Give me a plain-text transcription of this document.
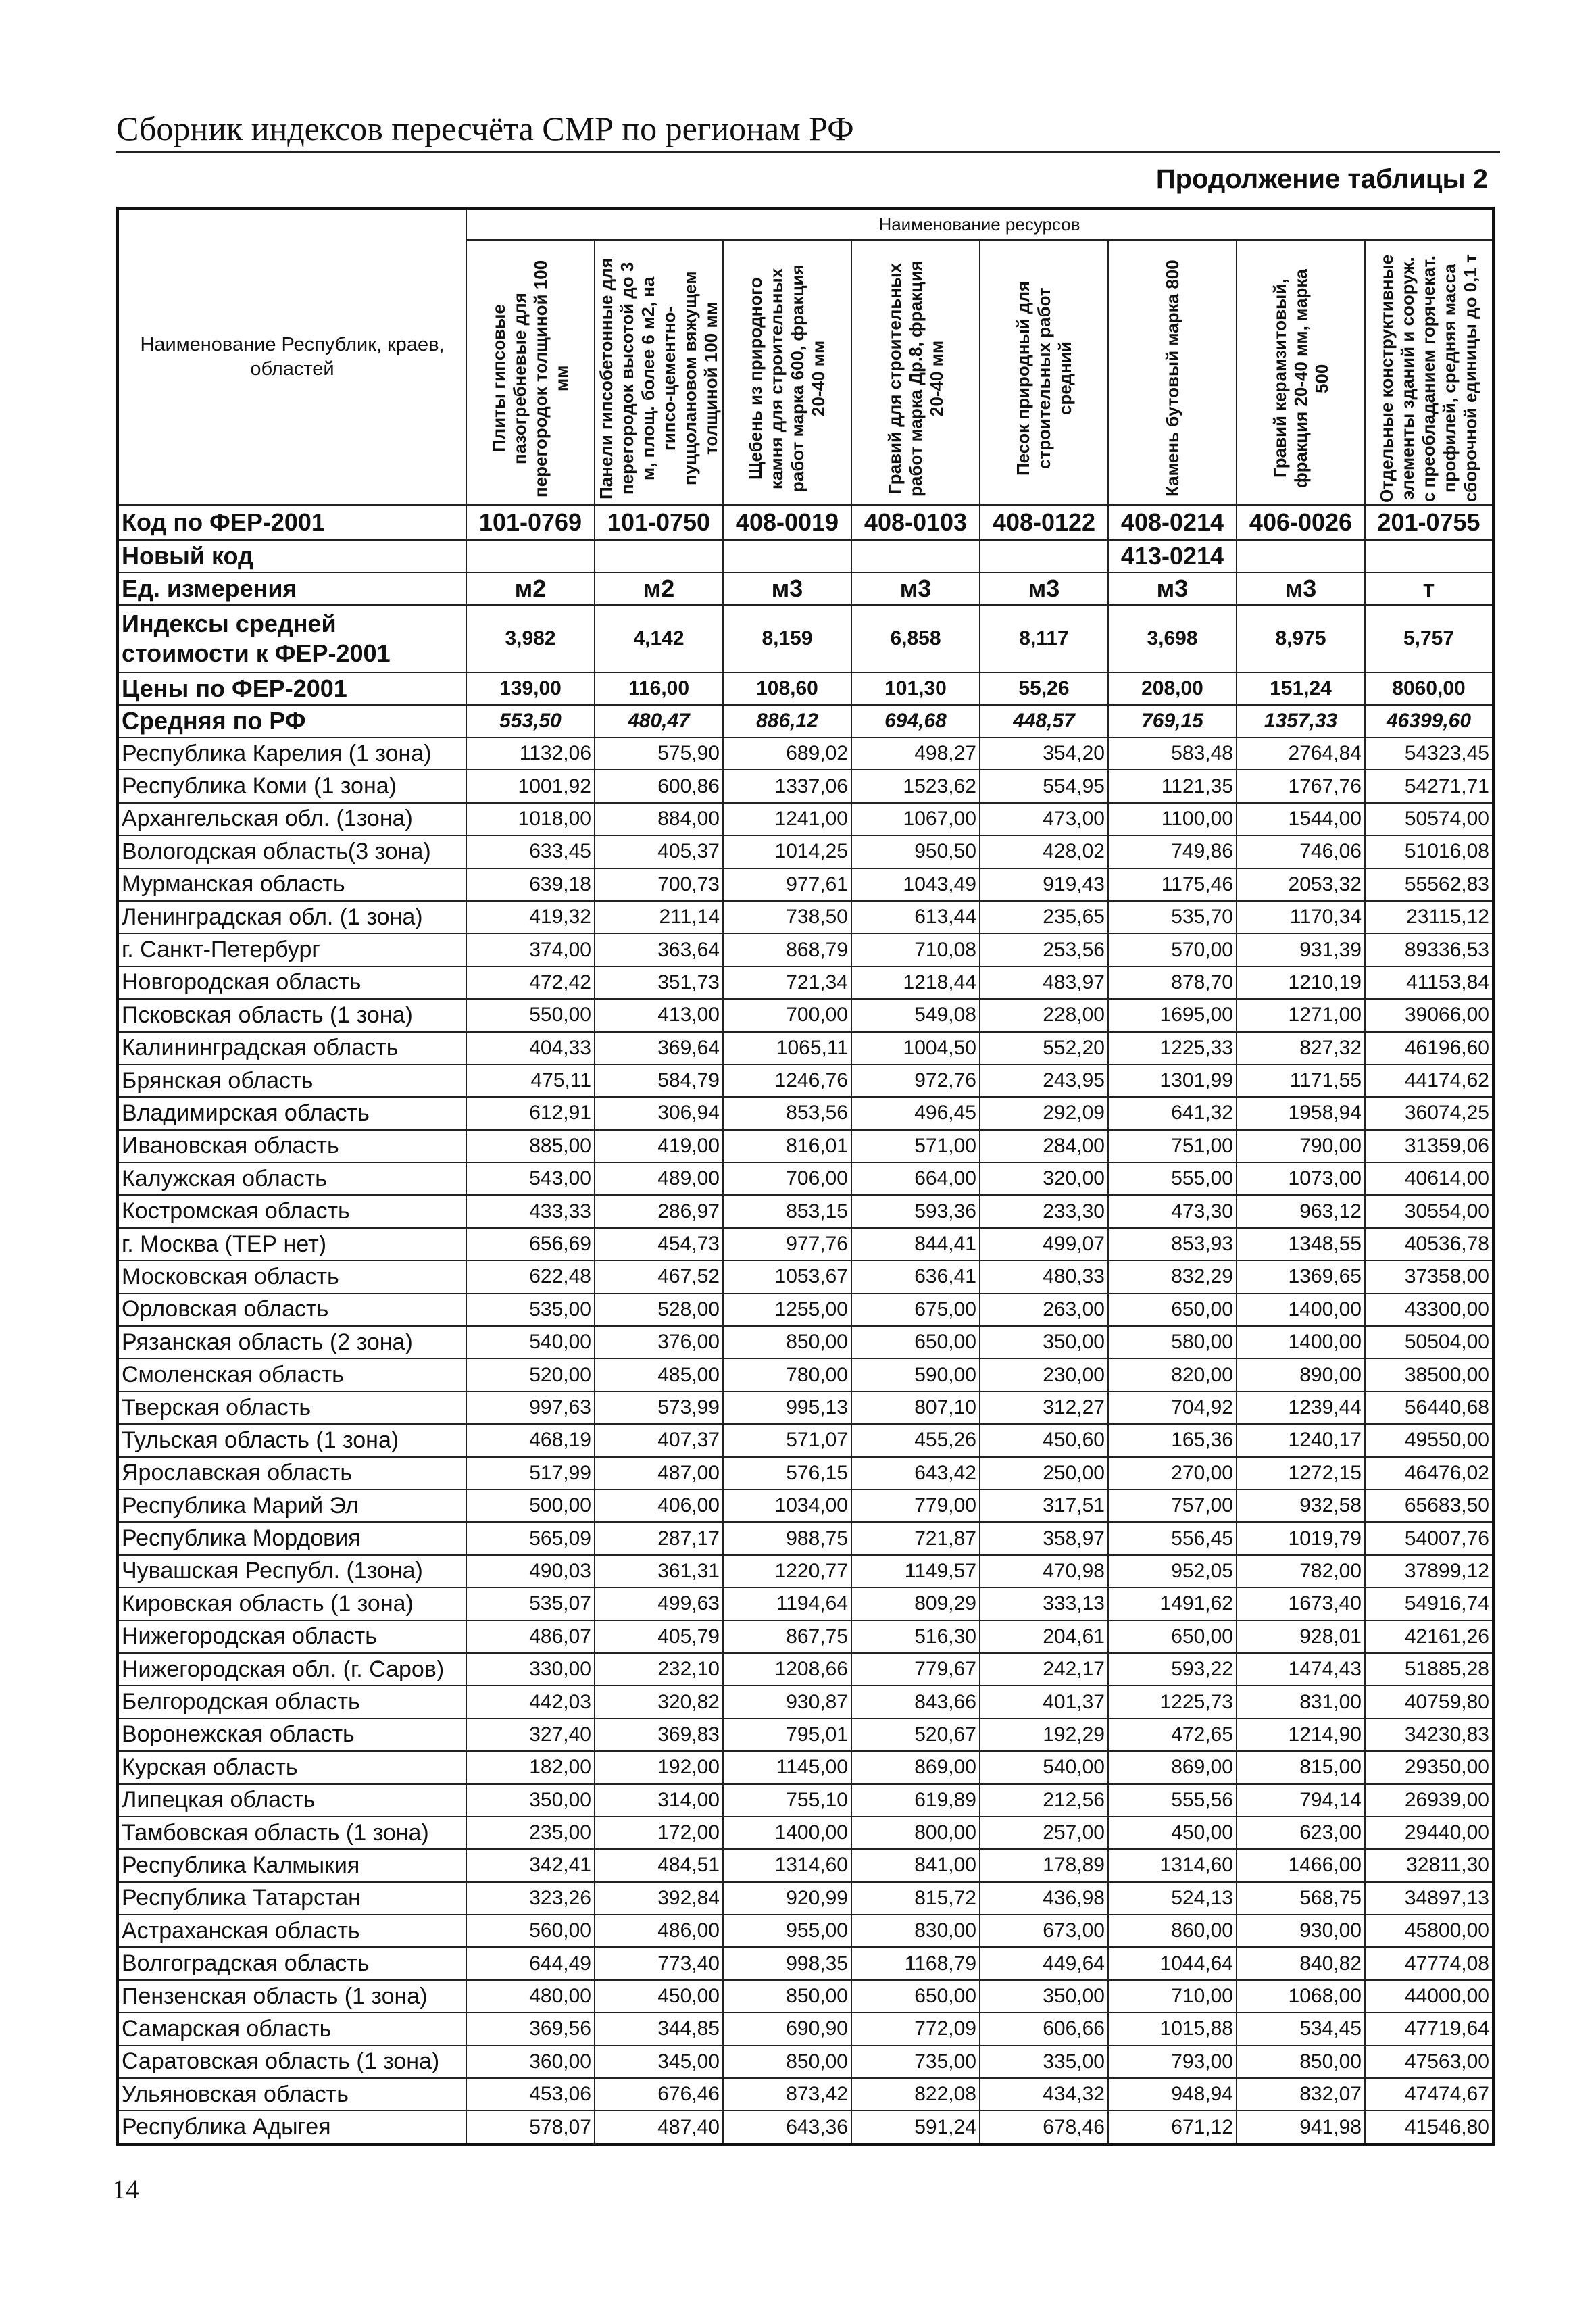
Сборник индексов пересчёта СМР по регионам РФ
Продолжение таблицы 2
Наименование Республик, краев, областей	Наименование ресурсов							

	Плиты гипсовые пазогребневые для перегородок толщиной 100 мм	Панели гипсобетонные для перегородок высотой до 3 м, площ. более 6 м2, на гипсо-цементно-пуццолановом вяжущем толщиной 100 мм	Щебень из природного камня для строительных работ марка 600, фракция 20-40 мм	Гравий для строительных работ марка Др.8, фракция 20-40 мм	Песок природный для строительных работ средний	Камень бутовый марка 800	Гравий керамзитовый, фракция 20-40 мм, марка 500	Отдельные конструктивные элементы зданий и сооруж. с преобладанием горячекат. профилей, средняя масса сборочной единицы до 0,1 т

Код по ФЕР-2001	101-0769	101-0750	408-0019	408-0103	408-0122	408-0214	406-0026	201-0755
Новый код						413-0214		
Ед. измерения	м2	м2	м3	м3	м3	м3	м3	т
Индексы средней стоимости к ФЕР-2001	3,982	4,142	8,159	6,858	8,117	3,698	8,975	5,757
Цены по ФЕР-2001	139,00	116,00	108,60	101,30	55,26	208,00	151,24	8060,00
Средняя по РФ	553,50	480,47	886,12	694,68	448,57	769,15	1357,33	46399,60
Республика Карелия (1 зона)	1132,06	575,90	689,02	498,27	354,20	583,48	2764,84	54323,45
Республика Коми (1 зона)	1001,92	600,86	1337,06	1523,62	554,95	1121,35	1767,76	54271,71
Архангельская обл. (1зона)	1018,00	884,00	1241,00	1067,00	473,00	1100,00	1544,00	50574,00
Вологодская область(3 зона)	633,45	405,37	1014,25	950,50	428,02	749,86	746,06	51016,08
Мурманская область	639,18	700,73	977,61	1043,49	919,43	1175,46	2053,32	55562,83
Ленинградская обл. (1 зона)	419,32	211,14	738,50	613,44	235,65	535,70	1170,34	23115,12
г. Санкт-Петербург	374,00	363,64	868,79	710,08	253,56	570,00	931,39	89336,53
Новгородская область	472,42	351,73	721,34	1218,44	483,97	878,70	1210,19	41153,84
Псковская область (1 зона)	550,00	413,00	700,00	549,08	228,00	1695,00	1271,00	39066,00
Калининградская область	404,33	369,64	1065,11	1004,50	552,20	1225,33	827,32	46196,60
Брянская область	475,11	584,79	1246,76	972,76	243,95	1301,99	1171,55	44174,62
Владимирская область	612,91	306,94	853,56	496,45	292,09	641,32	1958,94	36074,25
Ивановская область	885,00	419,00	816,01	571,00	284,00	751,00	790,00	31359,06
Калужская область	543,00	489,00	706,00	664,00	320,00	555,00	1073,00	40614,00
Костромская область	433,33	286,97	853,15	593,36	233,30	473,30	963,12	30554,00
г. Москва (ТЕР нет)	656,69	454,73	977,76	844,41	499,07	853,93	1348,55	40536,78
Московская область	622,48	467,52	1053,67	636,41	480,33	832,29	1369,65	37358,00
Орловская область	535,00	528,00	1255,00	675,00	263,00	650,00	1400,00	43300,00
Рязанская область (2 зона)	540,00	376,00	850,00	650,00	350,00	580,00	1400,00	50504,00
Смоленская область	520,00	485,00	780,00	590,00	230,00	820,00	890,00	38500,00
Тверская область	997,63	573,99	995,13	807,10	312,27	704,92	1239,44	56440,68
Тульская область (1 зона)	468,19	407,37	571,07	455,26	450,60	165,36	1240,17	49550,00
Ярославская область	517,99	487,00	576,15	643,42	250,00	270,00	1272,15	46476,02
Республика Марий Эл	500,00	406,00	1034,00	779,00	317,51	757,00	932,58	65683,50
Республика Мордовия	565,09	287,17	988,75	721,87	358,97	556,45	1019,79	54007,76
Чувашская Республ. (1зона)	490,03	361,31	1220,77	1149,57	470,98	952,05	782,00	37899,12
Кировская область (1 зона)	535,07	499,63	1194,64	809,29	333,13	1491,62	1673,40	54916,74
Нижегородская область	486,07	405,79	867,75	516,30	204,61	650,00	928,01	42161,26
Нижегородская обл. (г. Саров)	330,00	232,10	1208,66	779,67	242,17	593,22	1474,43	51885,28
Белгородская область	442,03	320,82	930,87	843,66	401,37	1225,73	831,00	40759,80
Воронежская область	327,40	369,83	795,01	520,67	192,29	472,65	1214,90	34230,83
Курская область	182,00	192,00	1145,00	869,00	540,00	869,00	815,00	29350,00
Липецкая область	350,00	314,00	755,10	619,89	212,56	555,56	794,14	26939,00
Тамбовская область (1 зона)	235,00	172,00	1400,00	800,00	257,00	450,00	623,00	29440,00
Республика Калмыкия	342,41	484,51	1314,60	841,00	178,89	1314,60	1466,00	32811,30
Республика Татарстан	323,26	392,84	920,99	815,72	436,98	524,13	568,75	34897,13
Астраханская область	560,00	486,00	955,00	830,00	673,00	860,00	930,00	45800,00
Волгоградская область	644,49	773,40	998,35	1168,79	449,64	1044,64	840,82	47774,08
Пензенская область (1 зона)	480,00	450,00	850,00	650,00	350,00	710,00	1068,00	44000,00
Самарская область	369,56	344,85	690,90	772,09	606,66	1015,88	534,45	47719,64
Саратовская область (1 зона)	360,00	345,00	850,00	735,00	335,00	793,00	850,00	47563,00
Ульяновская область	453,06	676,46	873,42	822,08	434,32	948,94	832,07	47474,67
Республика Адыгея	578,07	487,40	643,36	591,24	678,46	671,12	941,98	41546,80
14
